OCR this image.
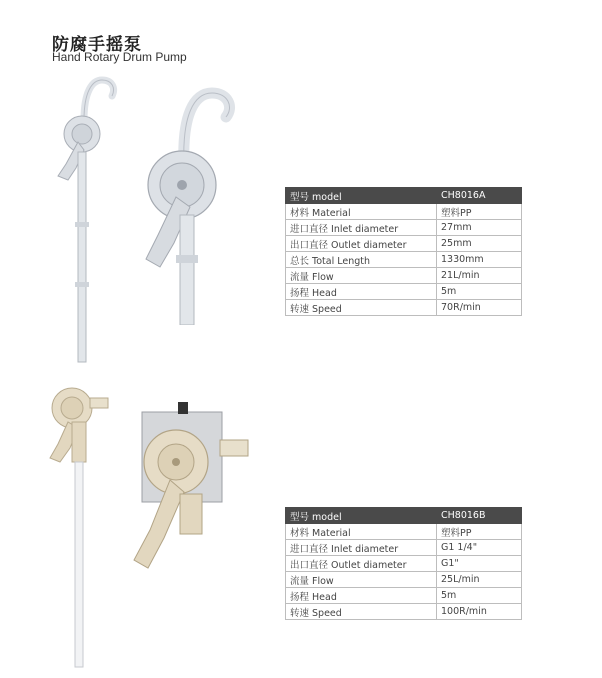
防腐手摇泵
Hand Rotary Drum Pump
型号 model	CH8016A
材料 Material	塑料PP
进口直径 Inlet diameter	27mm
出口直径 Outlet diameter	25mm
总长 Total Length	1330mm
流量 Flow	21L/min
扬程 Head	5m
转速 Speed	70R/min
型号 model	CH8016B
材料 Material	塑料PP
进口直径 Inlet diameter	G1 1/4"
出口直径 Outlet diameter	G1"
流量 Flow	25L/min
扬程 Head	5m
转速 Speed	100R/min
